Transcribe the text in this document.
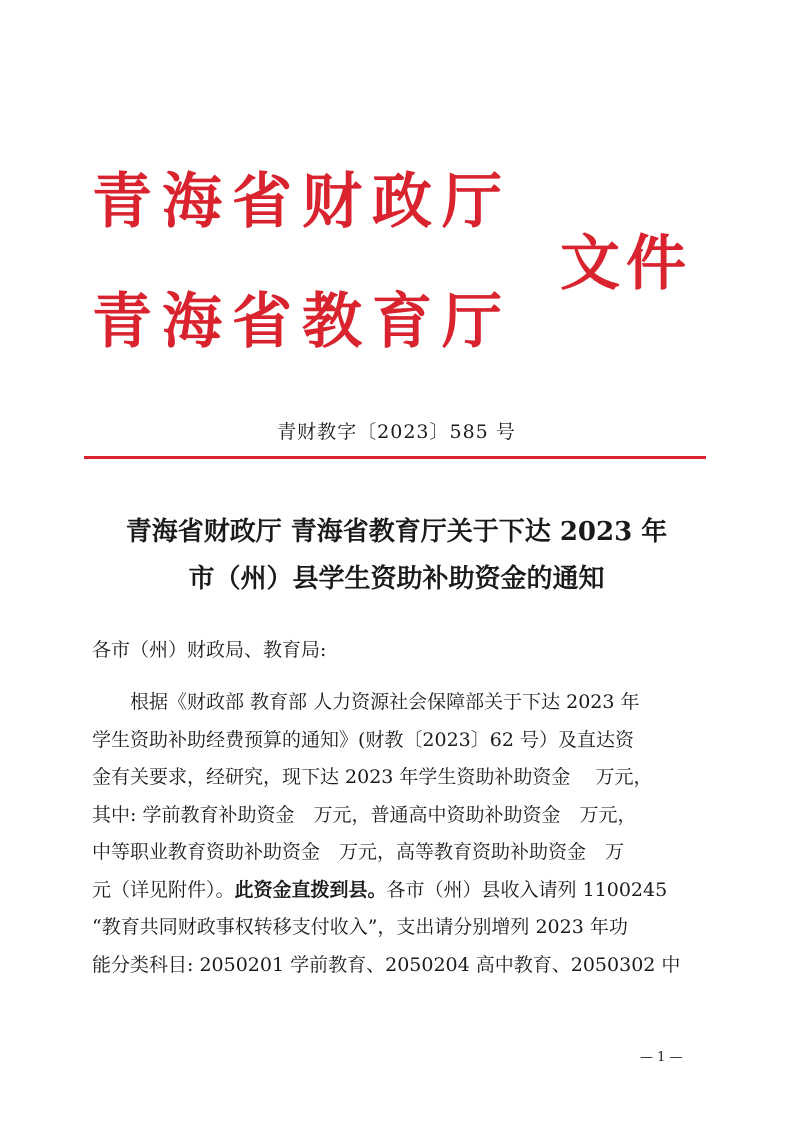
青海省财政厅
青海省教育厅
文件
青财教字〔2023〕585 号
青海省财政厅 青海省教育厅关于下达 2023 年
市（州）县学生资助补助资金的通知
各市（州）财政局、教育局:
根据《财政部 教育部 人力资源社会保障部关于下达 2023 年
学生资助补助经费预算的通知》(财教〔2023〕62 号）及直达资
金有关要求，经研究，现下达 2023 年学生资助补助资金　 万元，
其中: 学前教育补助资金　万元，普通高中资助补助资金　万元，
中等职业教育资助补助资金　万元，高等教育资助补助资金　万
元（详见附件）。 此资金直拨到县。 各市（州）县收入请列 1100245
“教育共同财政事权转移支付收入”，支出请分别增列 2023 年功
能分类科目: 2050201 学前教育、2050204 高中教育、2050302 中
— 1 —
